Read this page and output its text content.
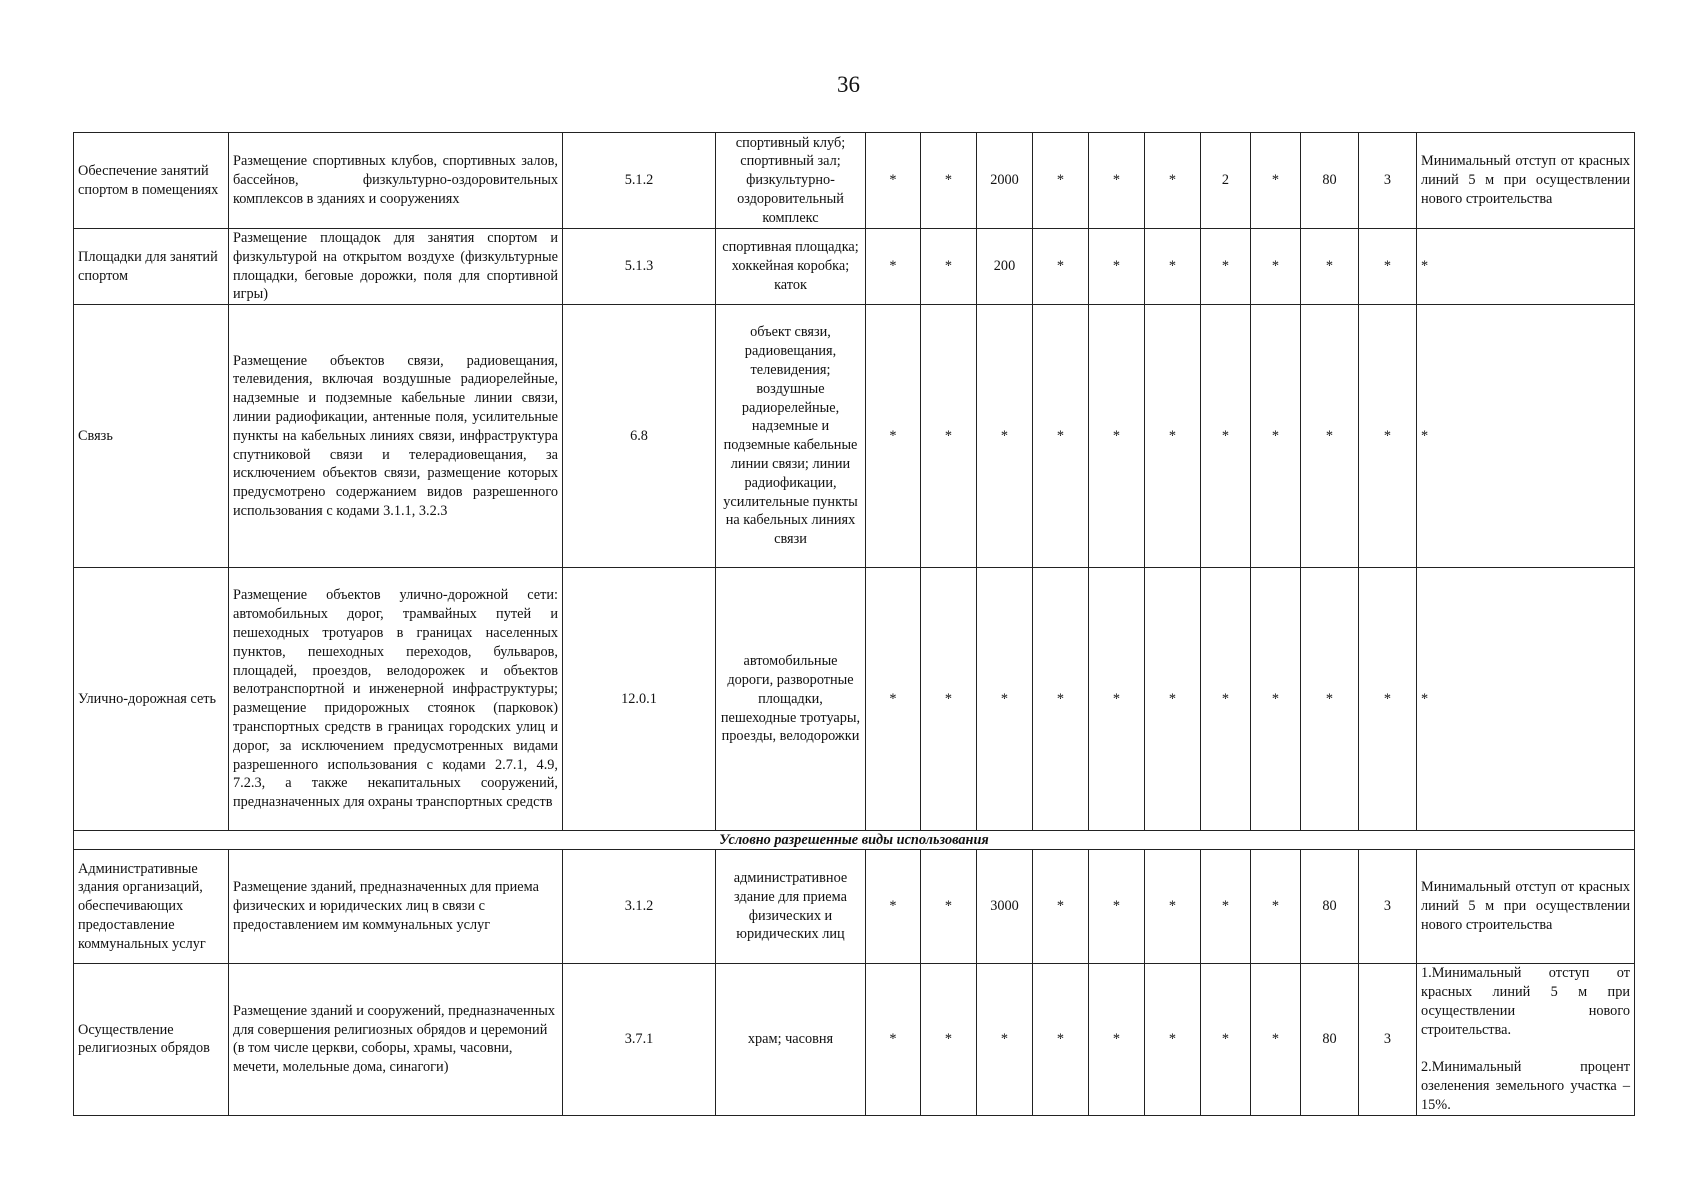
36
Обеспечение занятий спортом в помещениях	Размещение спортивных клубов, спортивных залов, бассейнов, физкультурно-оздоровительных комплексов в зданиях и сооружениях	5.1.2	спортивный клуб; спортивный зал; физкультурно-оздоровительный комплекс	*	*	2000	*	*	*	2	*	80	3	Минимальный отступ от красных линий 5 м при осуществлении нового строительства

Площадки для занятий спортом	Размещение площадок для занятия спортом и физкультурой на открытом воздухе (физкультурные площадки, беговые дорожки, поля для спортивной игры)	5.1.3	спортивная площадка; хоккейная коробка; каток	*	*	200	*	*	*	*	*	*	*	*

Связь	Размещение объектов связи, радиовещания, телевидения, включая воздушные радиорелейные, надземные и подземные кабельные линии связи, линии радиофикации, антенные поля, усилительные пункты на кабельных линиях связи, инфраструктура спутниковой связи и телерадиовещания, за исключением объектов связи, размещение которых предусмотрено содержанием видов разрешенного использования с кодами 3.1.1, 3.2.3	6.8	объект связи, радиовещания, телевидения; воздушные радиорелейные, надземные и подземные кабельные линии связи; линии радиофикации, усилительные пункты на кабельных линиях связи	*	*	*	*	*	*	*	*	*	*	*

Улично-дорожная сеть	Размещение объектов улично-дорожной сети: автомобильных дорог, трамвайных путей и пешеходных тротуаров в границах населенных пунктов, пешеходных переходов, бульваров, площадей, проездов, велодорожек и объектов велотранспортной и инженерной инфраструктуры; размещение придорожных стоянок (парковок) транспортных средств в границах городских улиц и дорог, за исключением предусмотренных видами разрешенного использования с кодами 2.7.1, 4.9, 7.2.3, а также некапитальных сооружений, предназначенных для охраны транспортных средств	12.0.1	автомобильные дороги, разворотные площадки, пешеходные тротуары, проезды, велодорожки	*	*	*	*	*	*	*	*	*	*	*

Условно разрешенные виды использования														
Административные здания организаций, обеспечивающих предоставление коммунальных услуг	Размещение зданий, предназначенных для приема физических и юридических лиц в связи с предоставлением им коммунальных услуг	3.1.2	административное здание для приема физических и юридических лиц	*	*	3000	*	*	*	*	*	80	3	Минимальный отступ от красных линий 5 м при осуществлении нового строительства

Осуществление религиозных обрядов	Размещение зданий и сооружений, предназначенных для совершения религиозных обрядов и церемоний (в том числе церкви, соборы, храмы, часовни, мечети, молельные дома, синагоги)	3.7.1	храм; часовня	*	*	*	*	*	*	*	*	80	3	1.Минимальный отступ от красных линий 5 м при осуществлении нового строительства.
2.Минимальный процент озеленения земельного участка – 15%.
